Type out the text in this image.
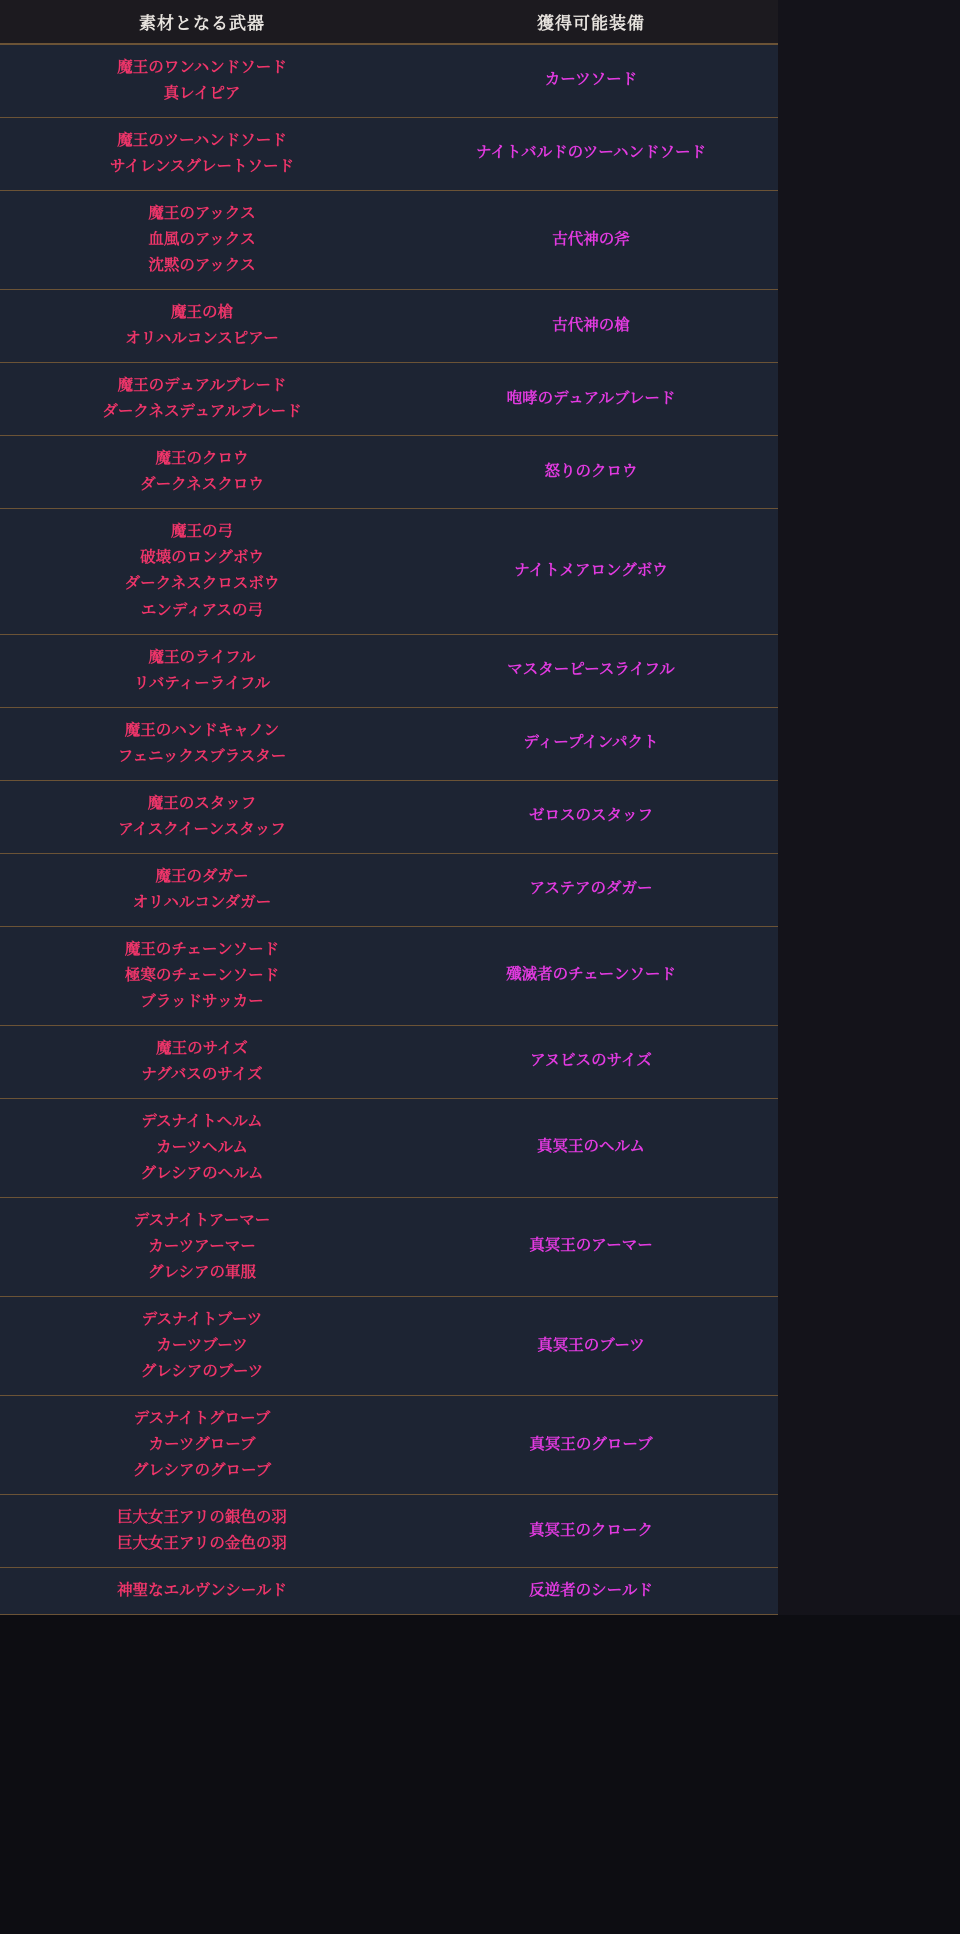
素材となる武器	獲得可能装備

魔王のワンハンドソード
真レイピア	カーツソード

魔王のツーハンドソード
サイレンスグレートソード	ナイトバルドのツーハンドソード

魔王のアックス
血風のアックス
沈黙のアックス	古代神の斧

魔王の槍
オリハルコンスピアー	古代神の槍

魔王のデュアルブレード
ダークネスデュアルブレード	咆哮のデュアルブレード

魔王のクロウ
ダークネスクロウ	怒りのクロウ

魔王の弓
破壊のロングボウ
ダークネスクロスボウ
エンディアスの弓	ナイトメアロングボウ

魔王のライフル
リバティーライフル	マスターピースライフル

魔王のハンドキャノン
フェニックスブラスター	ディープインパクト

魔王のスタッフ
アイスクイーンスタッフ	ゼロスのスタッフ

魔王のダガー
オリハルコンダガー	アステアのダガー

魔王のチェーンソード
極寒のチェーンソード
ブラッドサッカー	殲滅者のチェーンソード

魔王のサイズ
ナグバスのサイズ	アヌビスのサイズ

デスナイトヘルム
カーツヘルム
グレシアのヘルム	真冥王のヘルム

デスナイトアーマー
カーツアーマー
グレシアの軍服	真冥王のアーマー

デスナイトブーツ
カーツブーツ
グレシアのブーツ	真冥王のブーツ

デスナイトグローブ
カーツグローブ
グレシアのグローブ	真冥王のグローブ

巨大女王アリの銀色の羽
巨大女王アリの金色の羽	真冥王のクローク

神聖なエルヴンシールド	反逆者のシールド
